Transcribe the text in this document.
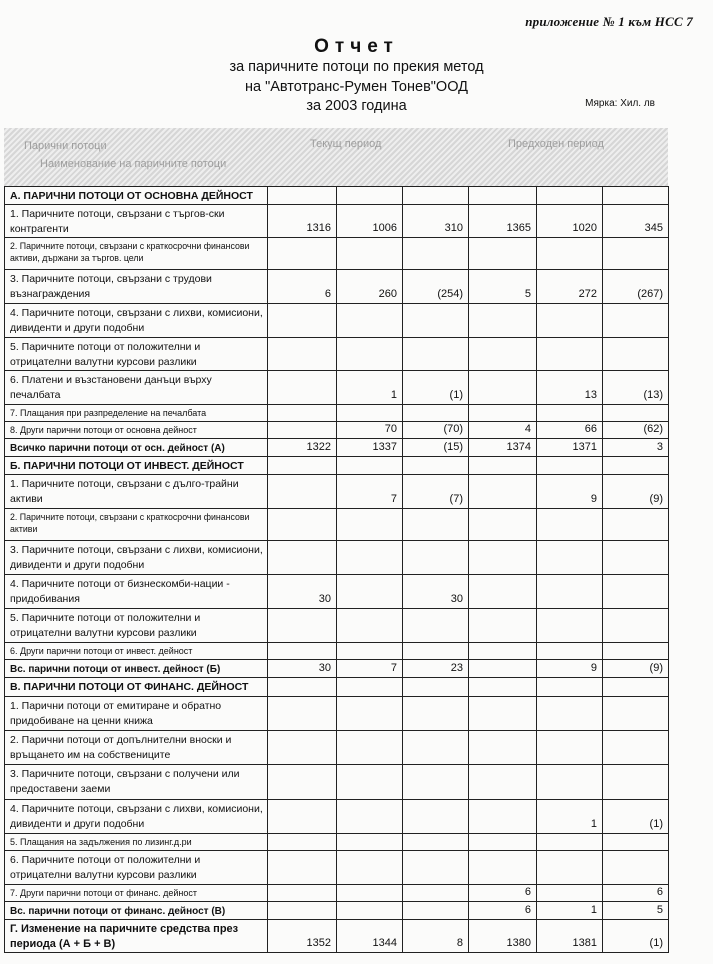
приложение № 1 към НСС 7
Отчет
за паричните потоци по прекия метод
на "Автотранс-Румен Тонев"ООД
за 2003 година	Мярка: Хил. лв
Парични потоци	Текущ период	Предходен период
Наименование на паричните потоци
А. ПАРИЧНИ ПОТОЦИ ОТ ОСНОВНА ДЕЙНОСТ						
1. Паричните потоци, свързани с търгов-ски контрагенти	1316	1006	310	1365	1020	345
2. Паричните потоци, свързани с краткосрочни финансови активи, държани за търгов. цели						
3. Паричните потоци, свързани с трудови възнаграждения	6	260	(254)	5	272	(267)
4. Паричните потоци, свързани с лихви, комисиони, дивиденти и други подобни						
5. Паричните потоци от положителни и отрицателни валутни курсови разлики						
6. Платени и възстановени данъци върху печалбата		1	(1)		13	(13)
7. Плащания при разпределение на печалбата						
8. Други парични потоци от основна дейност		70	(70)	4	66	(62)
Всичко парични потоци от осн. дейност (А)	1322	1337	(15)	1374	1371	3
Б. ПАРИЧНИ ПОТОЦИ ОТ ИНВЕСТ. ДЕЙНОСТ						
1. Паричните потоци, свързани с дълго-трайни активи		7	(7)		9	(9)
2. Паричните потоци, свързани с краткосрочни финансови активи						
3. Паричните потоци, свързани с лихви, комисиони, дивиденти и други подобни						
4. Паричните потоци от бизнескомби-нации - придобивания	30		30			
5. Паричните потоци от положителни и отрицателни валутни курсови разлики						
6. Други парични потоци от инвест. дейност						
Вс. парични потоци от инвест. дейност (Б)	30	7	23		9	(9)
В. ПАРИЧНИ ПОТОЦИ ОТ ФИНАНС. ДЕЙНОСТ						
1. Парични потоци от емитиране и обратно придобиване на ценни книжа						
2. Парични потоци от допълнителни вноски и връщането им на собствениците						
3. Паричните потоци, свързани с получени или предоставени заеми						
4. Паричните потоци, свързани с лихви, комисиони, дивиденти и други подобни					1	(1)
5. Плащания на задължения по лизинг.д.ри						
6. Паричните потоци от положителни и отрицателни валутни курсови разлики						
7. Други парични потоци от финанс. дейност				6		6
Вс. парични потоци от финанс. дейност (В)				6	1	5
Г. Изменение на паричните средства през периода (А + Б + В)	1352	1344	8	1380	1381	(1)
